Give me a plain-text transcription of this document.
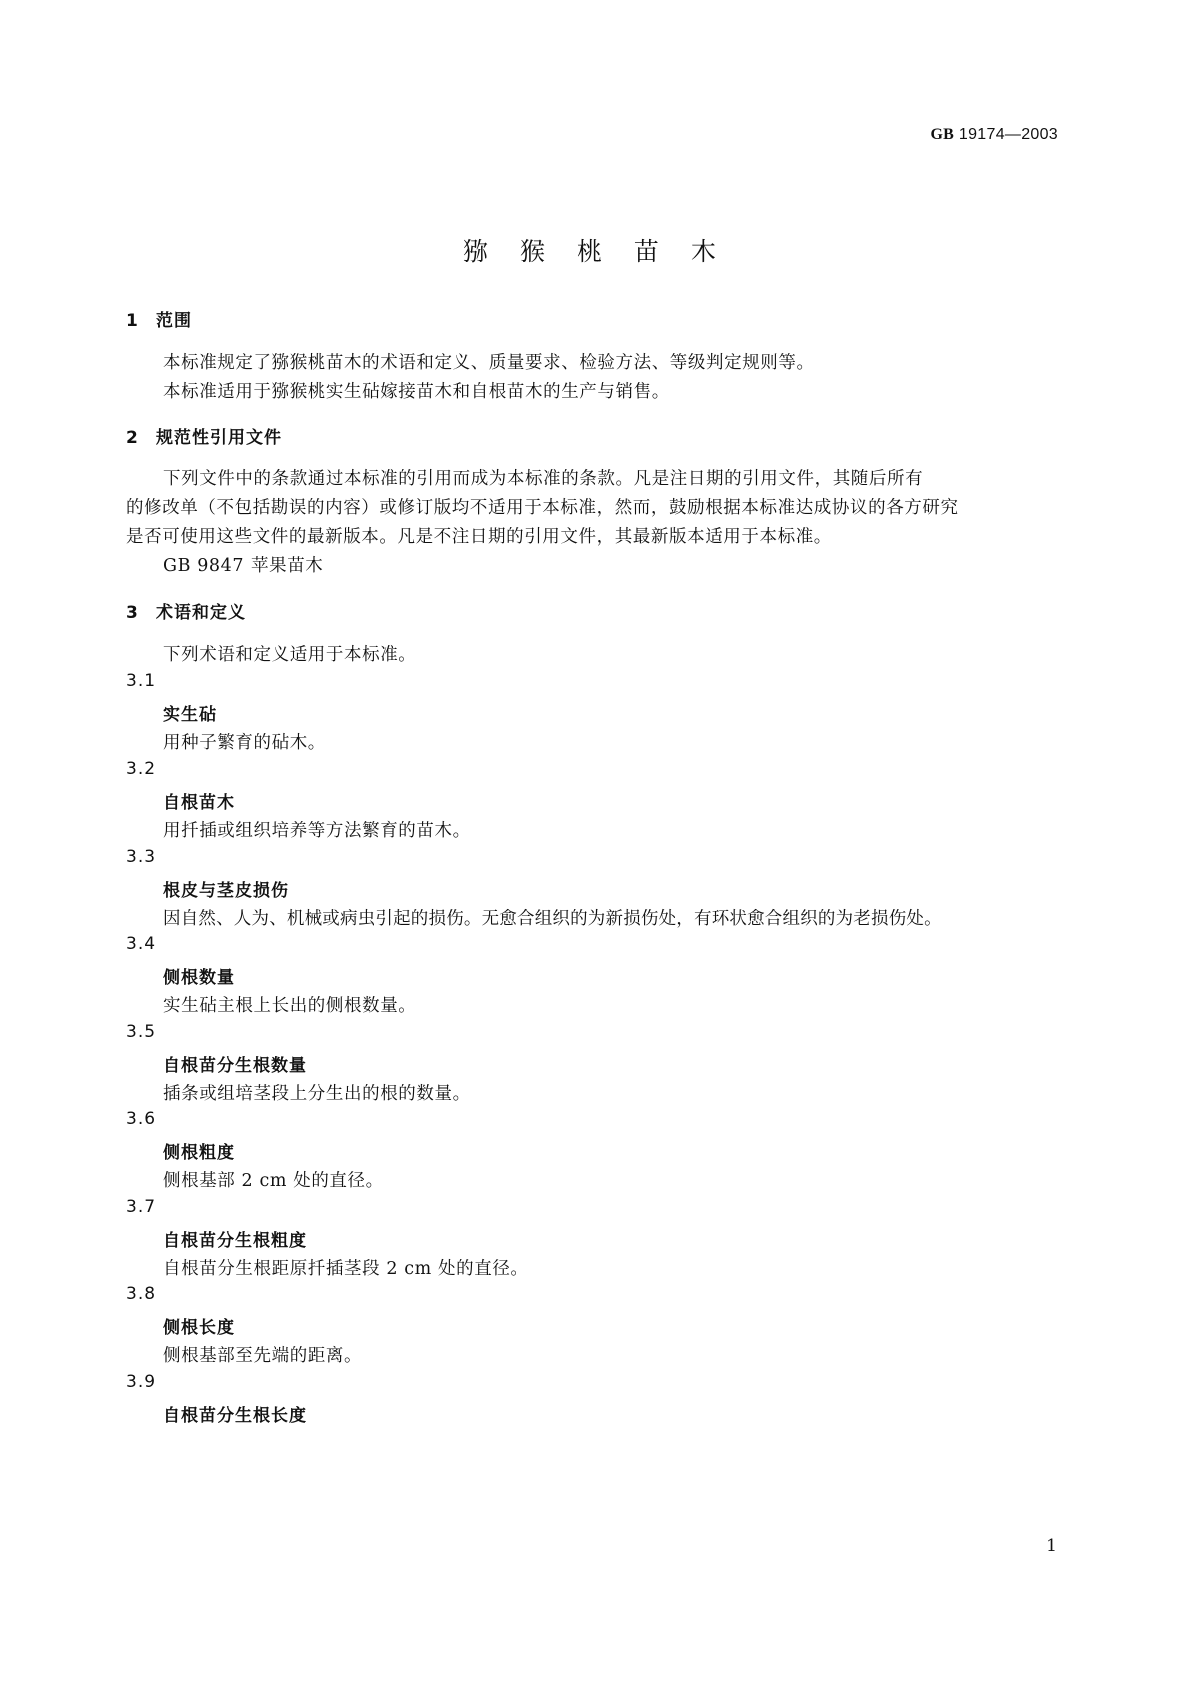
GB 19174—2003
猕 猴 桃 苗 木
1 范围
本标准规定了猕猴桃苗木的术语和定义、质量要求、检验方法、等级判定规则等。
本标准适用于猕猴桃实生砧嫁接苗木和自根苗木的生产与销售。
2 规范性引用文件
下列文件中的条款通过本标准的引用而成为本标准的条款。凡是注日期的引用文件，其随后所有
的修改单（不包括勘误的内容）或修订版均不适用于本标准，然而，鼓励根据本标准达成协议的各方研究
是否可使用这些文件的最新版本。凡是不注日期的引用文件，其最新版本适用于本标准。
GB 9847 苹果苗木
3 术语和定义
下列术语和定义适用于本标准。
3.1
实生砧
用种子繁育的砧木。
3.2
自根苗木
用扦插或组织培养等方法繁育的苗木。
3.3
根皮与茎皮损伤
因自然、人为、机械或病虫引起的损伤。无愈合组织的为新损伤处，有环状愈合组织的为老损伤处。
3.4
侧根数量
实生砧主根上长出的侧根数量。
3.5
自根苗分生根数量
插条或组培茎段上分生出的根的数量。
3.6
侧根粗度
侧根基部 2 cm 处的直径。
3.7
自根苗分生根粗度
自根苗分生根距原扦插茎段 2 cm 处的直径。
3.8
侧根长度
侧根基部至先端的距离。
3.9
自根苗分生根长度
1
